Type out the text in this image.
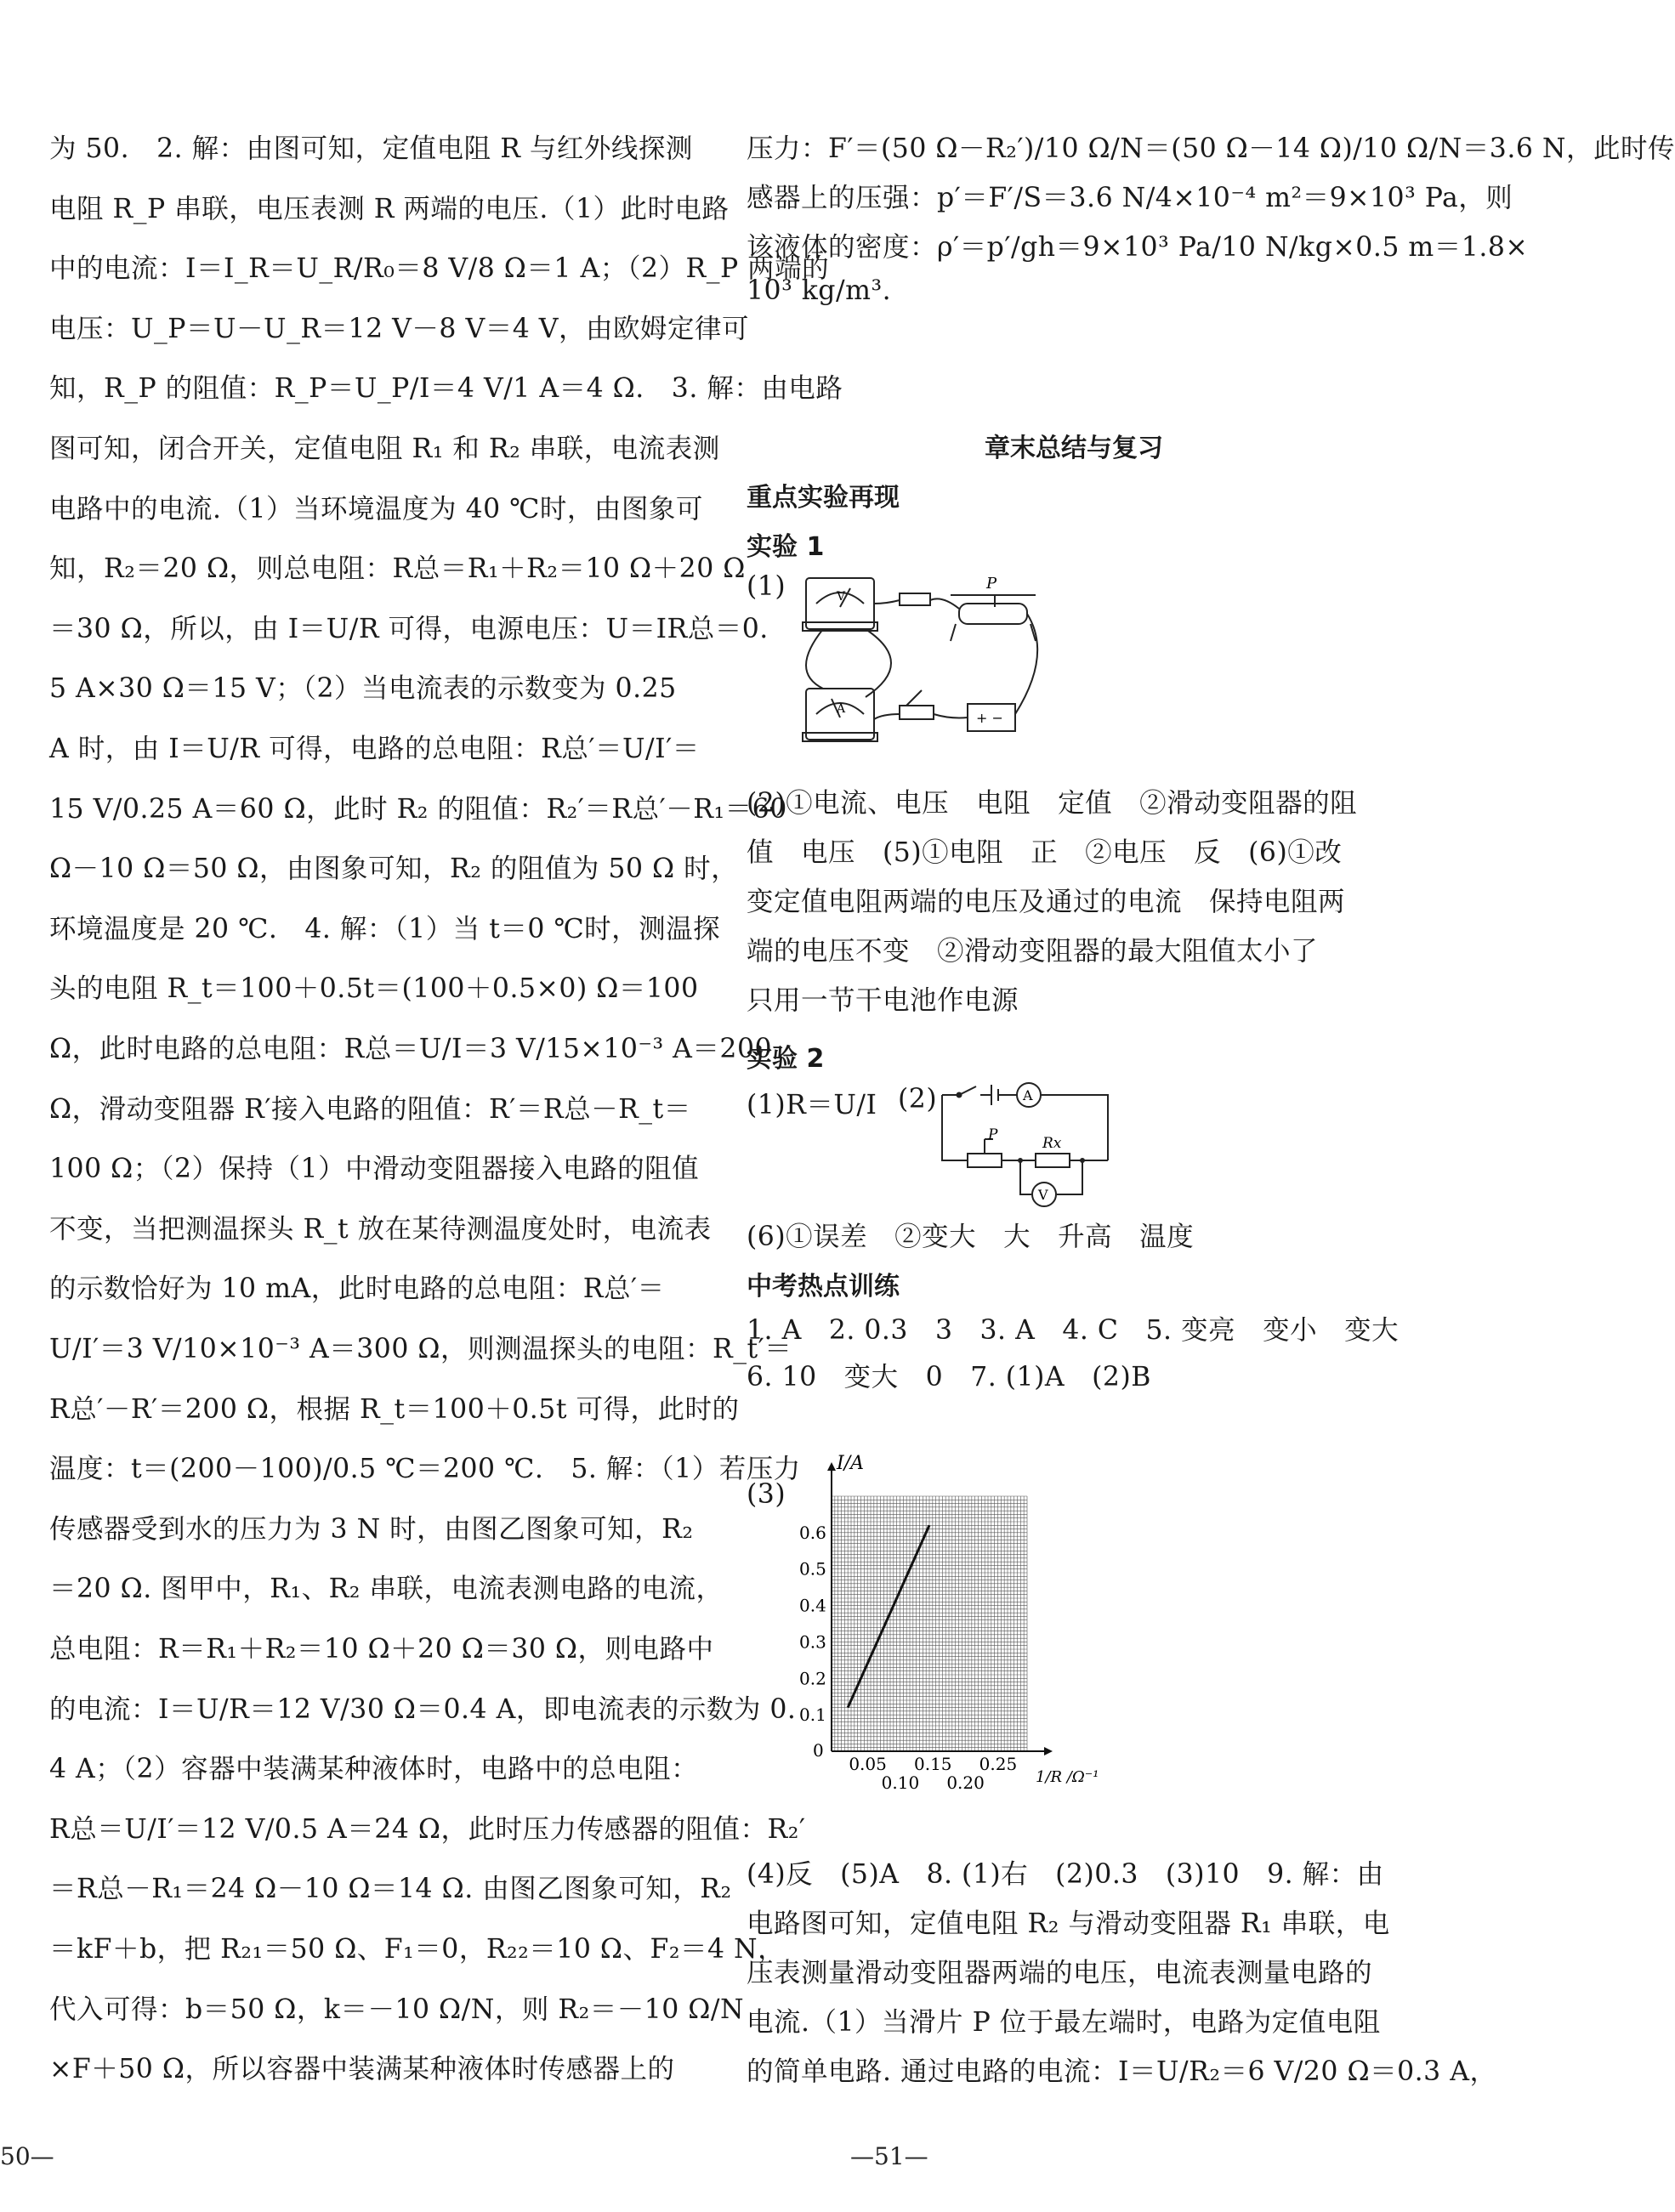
为 50.　2. 解：由图可知，定值电阻 R 与红外线探测
电阻 R_P 串联，电压表测 R 两端的电压.（1）此时电路
中的电流：I＝I_R＝U_R/R₀＝8 V/8 Ω＝1 A；（2）R_P 两端的
电压：U_P＝U－U_R＝12 V－8 V＝4 V，由欧姆定律可
知，R_P 的阻值：R_P＝U_P/I＝4 V/1 A＝4 Ω.　3. 解：由电路
图可知，闭合开关，定值电阻 R₁ 和 R₂ 串联，电流表测
电路中的电流.（1）当环境温度为 40 ℃时，由图象可
知，R₂＝20 Ω，则总电阻：R总＝R₁＋R₂＝10 Ω＋20 Ω
＝30 Ω，所以，由 I＝U/R 可得，电源电压：U＝IR总＝0.
5 A×30 Ω＝15 V；（2）当电流表的示数变为 0.25
A 时，由 I＝U/R 可得，电路的总电阻：R总′＝U/I′＝
15 V/0.25 A＝60 Ω，此时 R₂ 的阻值：R₂′＝R总′－R₁＝60
Ω－10 Ω＝50 Ω，由图象可知，R₂ 的阻值为 50 Ω 时，
环境温度是 20 ℃.　4. 解：（1）当 t＝0 ℃时，测温探
头的电阻 R_t＝100＋0.5t＝(100＋0.5×0) Ω＝100
Ω，此时电路的总电阻：R总＝U/I＝3 V/15×10⁻³ A＝200
Ω，滑动变阻器 R′接入电路的阻值：R′＝R总－R_t＝
100 Ω；（2）保持（1）中滑动变阻器接入电路的阻值
不变，当把测温探头 R_t 放在某待测温度处时，电流表
的示数恰好为 10 mA，此时电路的总电阻：R总′＝
U/I′＝3 V/10×10⁻³ A＝300 Ω，则测温探头的电阻：R_t′＝
R总′－R′＝200 Ω，根据 R_t＝100＋0.5t 可得，此时的
温度：t＝(200－100)/0.5 ℃＝200 ℃.　5. 解：（1）若压力
传感器受到水的压力为 3 N 时，由图乙图象可知，R₂
＝20 Ω. 图甲中，R₁、R₂ 串联，电流表测电路的电流，
总电阻：R＝R₁＋R₂＝10 Ω＋20 Ω＝30 Ω，则电路中
的电流：I＝U/R＝12 V/30 Ω＝0.4 A，即电流表的示数为 0.
4 A；（2）容器中装满某种液体时，电路中的总电阻：
R总＝U/I′＝12 V/0.5 A＝24 Ω，此时压力传感器的阻值：R₂′
＝R总－R₁＝24 Ω－10 Ω＝14 Ω. 由图乙图象可知，R₂
＝kF＋b，把 R₂₁＝50 Ω、F₁＝0，R₂₂＝10 Ω、F₂＝4 N，
代入可得：b＝50 Ω，k＝－10 Ω/N，则 R₂＝－10 Ω/N
×F＋50 Ω，所以容器中装满某种液体时传感器上的
压力：F′＝(50 Ω－R₂′)/10 Ω/N＝(50 Ω－14 Ω)/10 Ω/N＝3.6 N，此时传
感器上的压强：p′＝F′/S＝3.6 N/4×10⁻⁴ m²＝9×10³ Pa，则
该液体的密度：ρ′＝p′/gh＝9×10³ Pa/10 N/kg×0.5 m＝1.8×
10³ kg/m³.
章末总结与复习
重点实验再现
实验 1
(1)	V
A
P
+ −
(2)①电流、电压　电阻　定值　②滑动变阻器的阻
值　电压　(5)①电阻　正　②电压　反　(6)①改
变定值电阻两端的电压及通过的电流　保持电阻两
端的电压不变　②滑动变阻器的最大阻值太小了
只用一节干电池作电源
实验 2
(1)R＝U/I (2)	A
V
P	Rx
(6)①误差　②变大　大　升高　温度
中考热点训练
1. A　2. 0.3　3　3. A　4. C　5. 变亮　变小　变大
6. 10　变大　0　7. (1)A　(2)B
(3)
0.1
0.2
0.3
0.4
0.5
0.6
0.05
0.10
0.15
0.20
0.25
0
I/A
1/R /Ω⁻¹
(4)反　(5)A　8. (1)右　(2)0.3　(3)10　9. 解：由
电路图可知，定值电阻 R₂ 与滑动变阻器 R₁ 串联，电
压表测量滑动变阻器两端的电压，电流表测量电路的
电流.（1）当滑片 P 位于最左端时，电路为定值电阻
的简单电路. 通过电路的电流：I＝U/R₂＝6 V/20 Ω＝0.3 A，
50—	—51—
